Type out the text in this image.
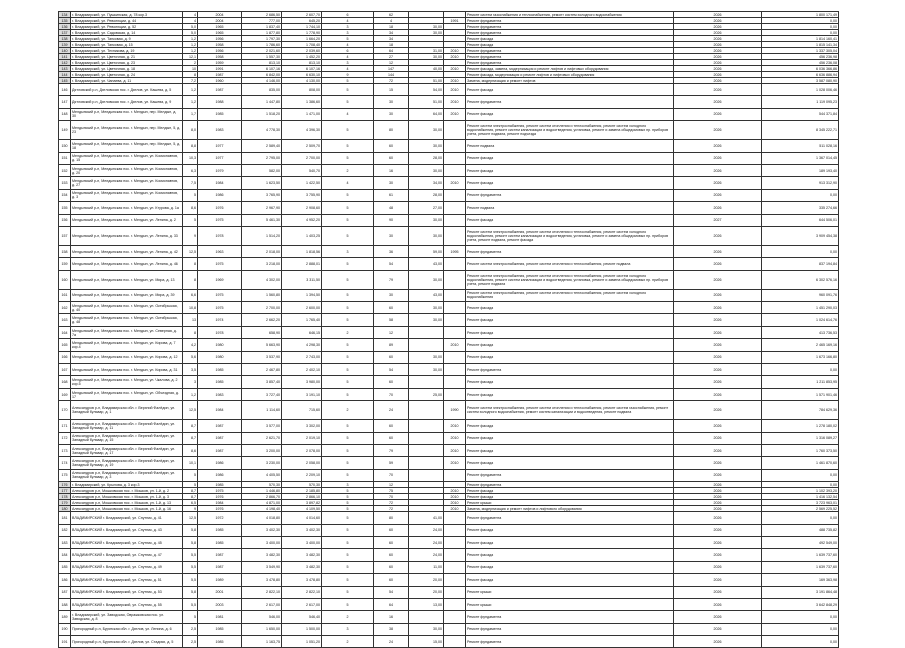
134	г. Владимирский, ул. Пушкинская, д. 78 кор.3	4	2004	2 686,50	2 607,70	6	62			Ремонт систем газоснабжения и теплоснабжения, ремонт систем холодного водоснабжения	2026	1 800 171,49
135	г. Владимирский, ул. Революции, д. 44	4	2004	777,00	645,20	4	4		1991	Ремонт фундамента	2026	0,00
136	г. Владимирский, ул. Революции, д. 52	5,0	1965	1 837,40	1 744,10	3	18	30,00		Ремонт фундамента	2026	0,00
137	г. Владимирский, ул. Садовская, д. 14	5,0	1965	1 877,80	1 778,90	3	34	30,00		Ремонт фундамента	2026	0,00
138	г. Владимирский, ул. Танковая, д. 9	1,2	1956	1 797,30	1 664,20	5	34			Ремонт фасада	2026	1 814 160,41
139	г. Владимирский, ул. Танковая, д. 15	1,2	1958	1 786,60	1 708,40	4	18			Ремонт фасада	2026	1 815 141,34
140	г. Владимирский, ул. Техникова, д. 19	1,2	1956	2 021,60	2 039,60	6	64	31,00	2010	Ремонт фундамента	2026	1 337 305,04
141	г. Владимирский, ул. Цветочная, д. 21	12,1	1958	1 557,30	1 452,20	4	27	30,00	2010	Ремонт фундамента	2026	456 236,98
142	г. Владимирский, ул. Цветочная, д. 23	2	1959	813,10	813,10	3	12			Ремонт фундамента	2026	456 236,08
143	г. Владимирский, ул. Цветочная, д. 18	10	1991	6 107,16	6 107,16	4	147	40,00	2010	Ремонт фасада, замена, модернизация и ремонт лифтов и лифтовых оборудования	2026	6 036 366,86
144	г. Владимирский, ул. Цветочная, д. 24	8	1987	6 842,00	6 630,10	9	144			Ремонт фасада, модернизация и ремонт лифтов и лифтовых оборудования	2026	6 636 886,94
145	г. Владимирский, ул. Чапаева, д. 11	7,2	1960	4 146,00	4 130,00	5	72	51,00	2010	Замена, модернизация и ремонт лифтов	2026	3 587 080,90
146	Дятловский р-н, Дятловская пос. г. Дятлов, ул. Кашева, д. 5	1,2	1987	835,00	808,00	5	15	54,00	2010	Ремонт фасада	2026	1 028 006,46
147	Дятловский р-н, Дятловская пос. г. Дятлов, ул. Кашева, д. 9	1,2	1988	1 447,80	1 386,60	5	30	51,00	2010	Ремонт фундамента	2026	1 119 095,23
148	Мелдынский р-н, Мелдынская пос. г. Мелдын, пер. Мелдын, д. 30	1,7	1985	1 518,20	1 471,00	4	30	64,00	2010	Ремонт фасада	2026	544 371,84
149	Мелдынский р-н, Мелдынская пос. г. Мелдын, пер. Мелдын, 5, д. 23	8,0	1983	4 778,30	4 396,30	5	80	30,00		Ремонт систем электроснабжения, ремонт систем отопления и теплоснабжения, ремонт систем холодного водоснабжения, ремонт систем канализации и водоотведения, установка, ремонт и замена общедомовых пр. приборов учета, ремонт подвала, ремонт подъезда	2026	8 345 222,71
150	Мелдынский р-н, Мелдынская пос. г. Мелдын, пер. Мелдын, 5, д. 18	8,8	1977	2 589,40	2 509,70	5	60	30,00		Ремонт подвала	2026	511 028,16
151	Мелдынский р-н, Мелдынская пос. г. Мелдын, ул. Космонавтов, д. 15	10,3	1977	2 795,00	2 700,00	5	60	28,00		Ремонт фасада	2026	1 367 014,45
152	Мелдынский р-н, Мелдынская пос. г. Мелдын, ул. Космонавтов, д. 20	6,3	1979	582,00	540,70	2	16	30,00		Ремонт фасада	2026	189 193,40
153	Мелдынский р-н, Мелдынская пос. г. Мелдын, ул. Космонавтов, д. 27	7,5	1984	1 623,50	1 422,50	4	30	34,00	2010	Ремонт фасада	2026	913 312,90
154	Мелдынский р-н, Мелдынская пос. г. Мелдын, ул. Космонавтов, д. 3	5	1986	3 765,90	3 755,90	5	61	28,00		Ремонт фундамента	2026	0,00
155	Мелдынский р-н, Мелдынская пос. г. Мелдын, ул. Ктурова, д. 1а	8,6	1976	2 967,90	2 908,60	5	48	27,00		Ремонт подвала	2026	335 274,66
156	Мелдынский р-н, Мелдынская пос. г. Мелдын, ул. Ленина, д. 2	5	1975	5 461,30	4 952,20	5	90	30,00		Ремонт фасада	2027	644 506,01
157	Мелдынский р-н, Мелдынская пос. г. Мелдын, ул. Ленина, д. 33	9	1978	1 514,20	1 403,25	5	30	30,00		Ремонт систем электроснабжения, ремонт систем отопления и теплоснабжения, ремонт систем холодного водоснабжения, ремонт систем канализации и водоотведения, установка, ремонт и замена общедомовых пр. приборов учета, ремонт подвала, ремонт фасада	2026	3 909 454,38
158	Мелдынский р-н, Мелдынская пос. г. Мелдын, ул. Ленина, д. 42	12,5	1963	2 018,00	1 818,56	3	36	59,00	1995	Ремонт фундамента	2026	0,00
159	Мелдынский р-н, Мелдынская пос. г. Мелдын, ул. Ленина, д. 46	8	1975	3 218,00	2 888,01	5	54	43,00		Ремонт систем электроснабжения, ремонт систем отопления и теплоснабжения, ремонт подвала	2026	837 194,84
160	Мелдынский р-н, Мелдынская пос. г. Мелдын, ул. Мира, д. 13	8	1969	4 302,00	3 311,50	5	79	30,00		Ремонт систем электроснабжения, ремонт систем отопления и теплоснабжения, ремонт систем холодного водоснабжения, ремонт систем канализации и водоотведения, установка, ремонт и замена общедомовых пр. приборов учета, ремонт подвала	2026	6 302 576,16
161	Мелдынский р-н, Мелдынская пос. г. Мелдын, ул. Мира, д. 39	6,6	1975	1 560,80	1 394,50	5	30	43,00		Ремонт систем электроснабжения, ремонт систем отопления и теплоснабжения, ремонт систем холодного водоснабжения	2026	960 091,76
162	Мелдынский р-н, Мелдынская пос. г. Мелдын, ул. Октябрьская, д. 40	10,8	1975	2 700,00	2 600,00	5	60	30,00		Ремонт фасада	2026	1 451 290,03
163	Мелдынский р-н, Мелдынская пос. г. Мелдын, ул. Октябрьская, д. 48	13	1974	2 662,20	1 765,40	5	58	30,00		Ремонт фасада	2026	1 024 614,76
164	Мелдынский р-н, Мелдынская пос. г. Мелдын, ул. Северная, д. 7а	8	1978	658,90	646,15	2	12			Ремонт фасада	2026	413 736,53
165	Мелдынский р-н, Мелдынская пос. г. Мелдын, ул. Кирова, д. 7 кор.4	4,2	1980	5 663,90	4 298,30	5	89		2010	Ремонт фасада	2026	2 465 169,16
166	Мелдынский р-н, Мелдынская пос. г. Мелдын, ул. Кирова, д. 12	5,6	1980	3 537,90	2 743,00	5	60	30,00		Ремонт фасада	2026	1 673 166,80
167	Мелдынский р-н, Мелдынская пос. г. Мелдын, ул. Кирова, д. 31	3,5	1985	2 467,80	2 402,10	5	54	30,00		Ремонт фундамента	2026	0,00
168	Мелдынский р-н, Мелдынская пос. г. Мелдын, ул. Чкалова, д. 2 кор.5	3	1985	3 857,40	3 980,00	5	60			Ремонт фасада	2026	1 211 853,95
169	Мелдынский р-н, Мелдынская пос. г. Мелдын, ул. Объездная, д. 17	1,2	1983	3 727,40	3 191,10	5	70	25,00		Ремонт фасада	2026	1 571 901,46
170	Александров р-н, Владимирская обл. г. Верхний Фалёдин, ул. Западный бульвар, д. 1	12,5	1984	1 114,60	715,60	2	24		1990	Ремонт систем электроснабжения, ремонт систем отопления и теплоснабжения, ремонт систем газоснабжения, ремонт систем холодного водоснабжения, ремонт систем канализации и водоотведения, ремонт подвала	2026	784 629,36
171	Александров р-н, Владимирская обл. г. Верхний Фалёдин, ул. Западный бульвар, д. 11	8,7	1987	3 577,00	3 302,00	5	60		2010	Ремонт фасада	2026	1 278 180,02
172	Александров р-н, Владимирская обл. г. Верхний Фалёдин, ул. Западный бульвар, д. 15	8,7	1987	2 621,70	2 019,10	5	60		2010	Ремонт фасада	2026	1 316 089,27
173	Александров р-н, Владимирская обл. г. Верхний Фалёдин, ул. Западный бульвар, д. 17	8,6	1987	3 200,00	2 078,00	5	79		2010	Ремонт фасада	2026	1 760 373,50
174	Александров р-н, Владимирская обл. г. Верхний Фалёдин, ул. Западный бульвар, д. 19	10,1	1986	3 230,00	2 058,00	5	59		2010	Ремонт фасада	2026	1 461 870,60
175	Александров р-н, Владимирская обл. г. Верхний Фалёдин, ул. Западный бульвар, д. 3	5	1986	4 405,50	2 209,10	5	70			Ремонт фундамента	2026	0,00
176	г. Владимирский, ул. Крылова, д. 3 кор.3	5	1985	570,30	570,30	3	12			Ремонт фундамента	2026	0,00
177	Александров р-н, Мошковская пос. г. Мошков, ул. 1-й, д. 2	8,7	1975	1 446,80	2 185,80	5	75		2010	Ремонт фасада	2026	1 102 393,20
178	Александров р-н, Мошковская пос. г. Мошков, ул. 1-й, д. 3	8,7	1976	2 866,70	2 866,10	5	70		2010	Ремонт фасада	2026	1 416 132,54
179	Александров р-н, Мошковская пос. г. Мошков, ул. 1-й, д. 13	6,5	1984	4 871,00	3 897,82	5	72		2010	Ремонт крыши	2026	3 723 963,01
180	Александров р-н, Мошковская пос. г. Мошков, ул. 1-й, д. 16	9	1976	4 198,40	4 109,50	5	72		2010	Замена, модернизация и ремонт лифтов и лифтового оборудования	2026	2 569 225,52
181	ВЛАДИМИРСКИЙ г. Владимирский, ул. Спутник, д. 41	12,5	1972	4 018,80	4 014,60	5	80	41,00		Ремонт фундамента	2026	0,00
182	ВЛАДИМИРСКИЙ г. Владимирский, ул. Спутник, д. 43	5,8	1985	3 402,30	3 402,30	5	60	24,00		Ремонт фасада	2026	488 735,82
183	ВЛАДИМИРСКИЙ г. Владимирский, ул. Спутник, д. 45	5,8	1985	3 400,00	3 400,00	5	60	24,00		Ремонт фасада	2026	492 549,00
184	ВЛАДИМИРСКИЙ г. Владимирский, ул. Спутник, д. 47	5,5	1987	3 482,30	3 482,30	5	60	24,00		Ремонт фасада	2026	1 639 737,60
185	ВЛАДИМИРСКИЙ г. Владимирский, ул. Спутник, д. 49	5,5	1987	3 549,90	3 482,30	5	60	11,00		Ремонт фасада	2026	1 639 737,60
186	ВЛАДИМИРСКИЙ г. Владимирский, ул. Спутник, д. 51	5,5	1989	3 478,80	3 478,80	5	60	20,00		Ремонт фасада	2026	169 363,98
187	ВЛАДИМИРСКИЙ г. Владимирский, ул. Спутник, д. 53	5,8	2001	2 822,10	2 822,10	5	54	20,00		Ремонт крыши	2026	3 191 864,48
188	ВЛАДИМИРСКИЙ г. Владимирский, ул. Спутник, д. 55	5,5	2003	2 617,00	2 617,00	5	64	13,00		Ремонт крыши	2026	3 642 848,29
189	г. Владимирский, ул. Заводская, Овражковская пос. ул. Заводская, д. 8	5	1981	546,00	546,40	2	16			Ремонт фундамента	2026	0,00
190	Пригородный р-н, Бурятская обл. г. Дятлов, ул. Ленина, д. 6	2,5	1985	1 650,00	1 500,00	3	38	30,00		Ремонт фундамента	2026	0,00
191	Пригородный р-н, Бурятская обл. г. Дятлов, ул. Стадиях, д. 5	2,5	1985	1 163,75	1 051,20	2	24	15,00		Ремонт фундамента	2026	0,00
